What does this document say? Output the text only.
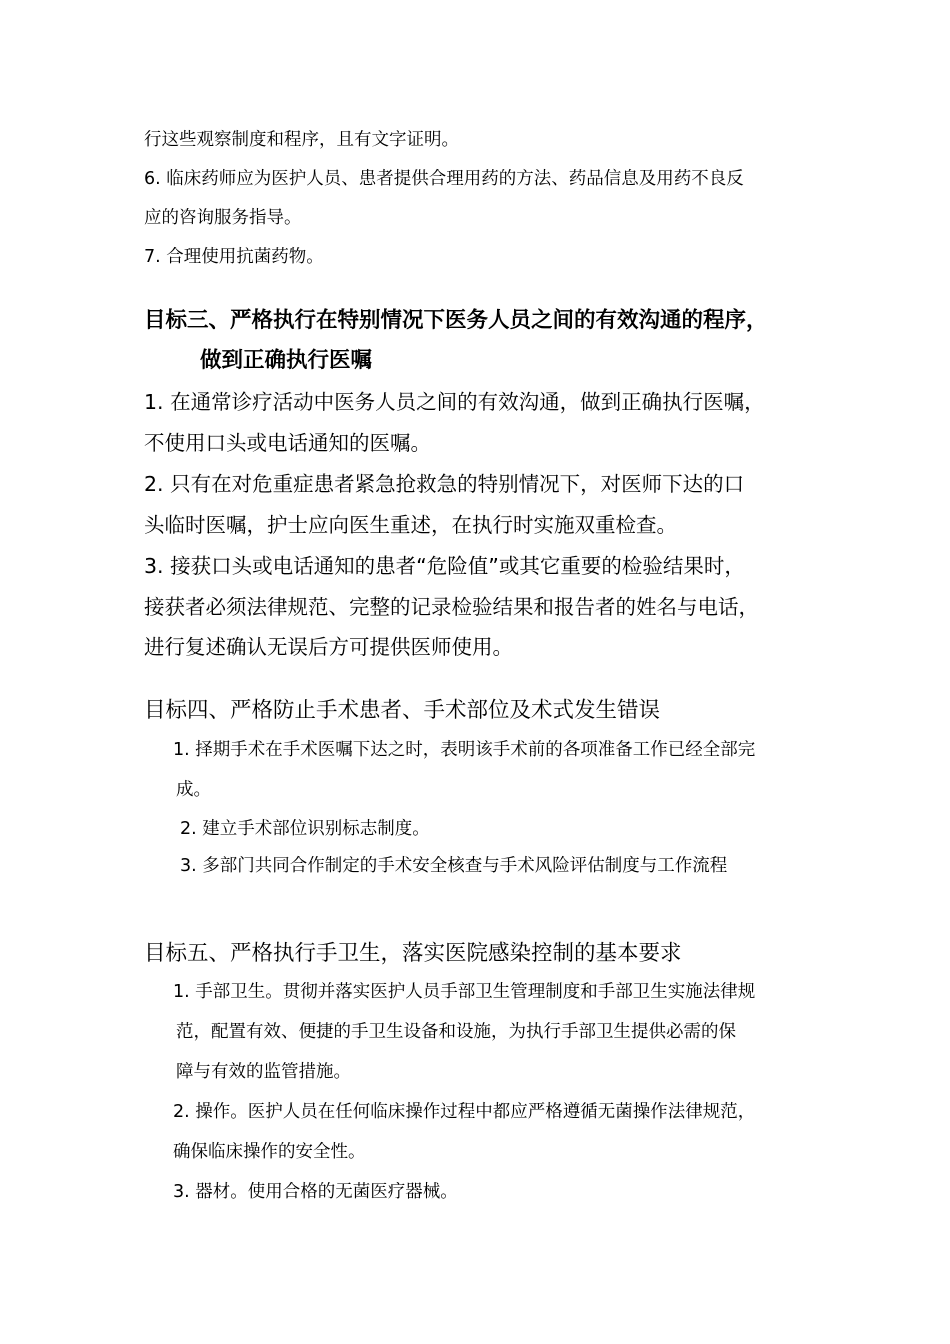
行这些观察制度和程序，且有文字证明。

6. 临床药师应为医护人员、患者提供合理用药的方法、药品信息及用药不良反

应的咨询服务指导。

7. 合理使用抗菌药物。

目标三、严格执行在特别情况下医务人员之间的有效沟通的程序，

做到正确执行医嘱

1. 在通常诊疗活动中医务人员之间的有效沟通，做到正确执行医嘱，

不使用口头或电话通知的医嘱。

2. 只有在对危重症患者紧急抢救急的特别情况下，对医师下达的口

头临时医嘱，护士应向医生重述，在执行时实施双重检查。

3. 接获口头或电话通知的患者“危险值”或其它重要的检验结果时，

接获者必须法律规范、完整的记录检验结果和报告者的姓名与电话，

进行复述确认无误后方可提供医师使用。

目标四、严格防止手术患者、手术部位及术式发生错误

1. 择期手术在手术医嘱下达之时，表明该手术前的各项准备工作已经全部完

成。

2. 建立手术部位识别标志制度。

3. 多部门共同合作制定的手术安全核查与手术风险评估制度与工作流程

目标五、严格执行手卫生，落实医院感染控制的基本要求

1. 手部卫生。贯彻并落实医护人员手部卫生管理制度和手部卫生实施法律规

范，配置有效、便捷的手卫生设备和设施，为执行手部卫生提供必需的保

障与有效的监管措施。

2. 操作。医护人员在任何临床操作过程中都应严格遵循无菌操作法律规范，

确保临床操作的安全性。

3. 器材。使用合格的无菌医疗器械。
